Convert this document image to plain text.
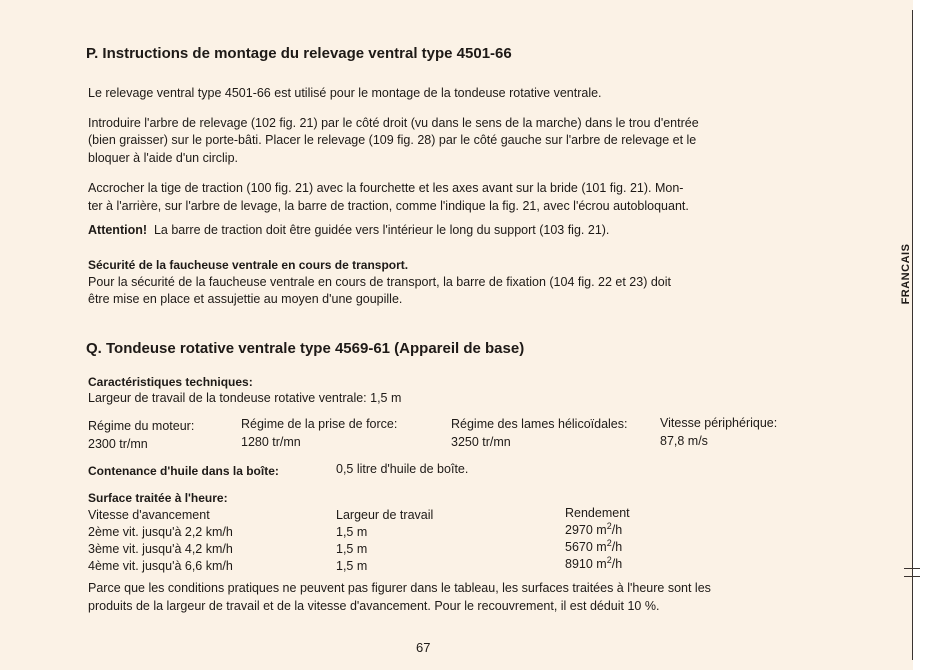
FRANCAIS
P. Instructions de montage du relevage ventral type 4501-66
Le relevage ventral type 4501-66 est utilisé pour le montage de la tondeuse rotative ventrale.
Introduire l'arbre de relevage (102 fig. 21) par le côté droit (vu dans le sens de la marche) dans le trou d'entrée
(bien graisser) sur le porte-bâti. Placer le relevage (109 fig. 28) par le côté gauche sur l'arbre de relevage et le
bloquer à l'aide d'un circlip.
Accrocher la tige de traction (100 fig. 21) avec la fourchette et les axes avant sur la bride (101 fig. 21). Mon-
ter à l'arrière, sur l'arbre de levage, la barre de traction, comme l'indique la fig. 21, avec l'écrou autobloquant.
Attention! La barre de traction doit être guidée vers l'intérieur le long du support (103 fig. 21).
Sécurité de la faucheuse ventrale en cours de transport.
Pour la sécurité de la faucheuse ventrale en cours de transport, la barre de fixation (104 fig. 22 et 23) doit
être mise en place et assujettie au moyen d'une goupille.
Q. Tondeuse rotative ventrale type 4569-61 (Appareil de base)
Caractéristiques techniques:
Largeur de travail de la tondeuse rotative ventrale: 1,5 m
Régime du moteur:
2300 tr/mn
Régime de la prise de force:
1280 tr/mn
Régime des lames hélicoïdales:
3250 tr/mn
Vitesse périphérique:
87,8 m/s
Contenance d'huile dans la boîte:	0,5 litre d'huile de boîte.
Surface traitée à l'heure:
Vitesse d'avancement	Largeur de travail	Rendement
2ème vit. jusqu'à 2,2 km/h	1,5 m	2970 $m^2/h$
3ème vit. jusqu'à 4,2 km/h	1,5 m	5670 $m^2/h$
4ème vit. jusqu'à 6,6 km/h	1,5 m	8910 $m^2/h$
Parce que les conditions pratiques ne peuvent pas figurer dans le tableau, les surfaces traitées à l'heure sont les
produits de la largeur de travail et de la vitesse d'avancement. Pour le recouvrement, il est déduit 10 %.
67
